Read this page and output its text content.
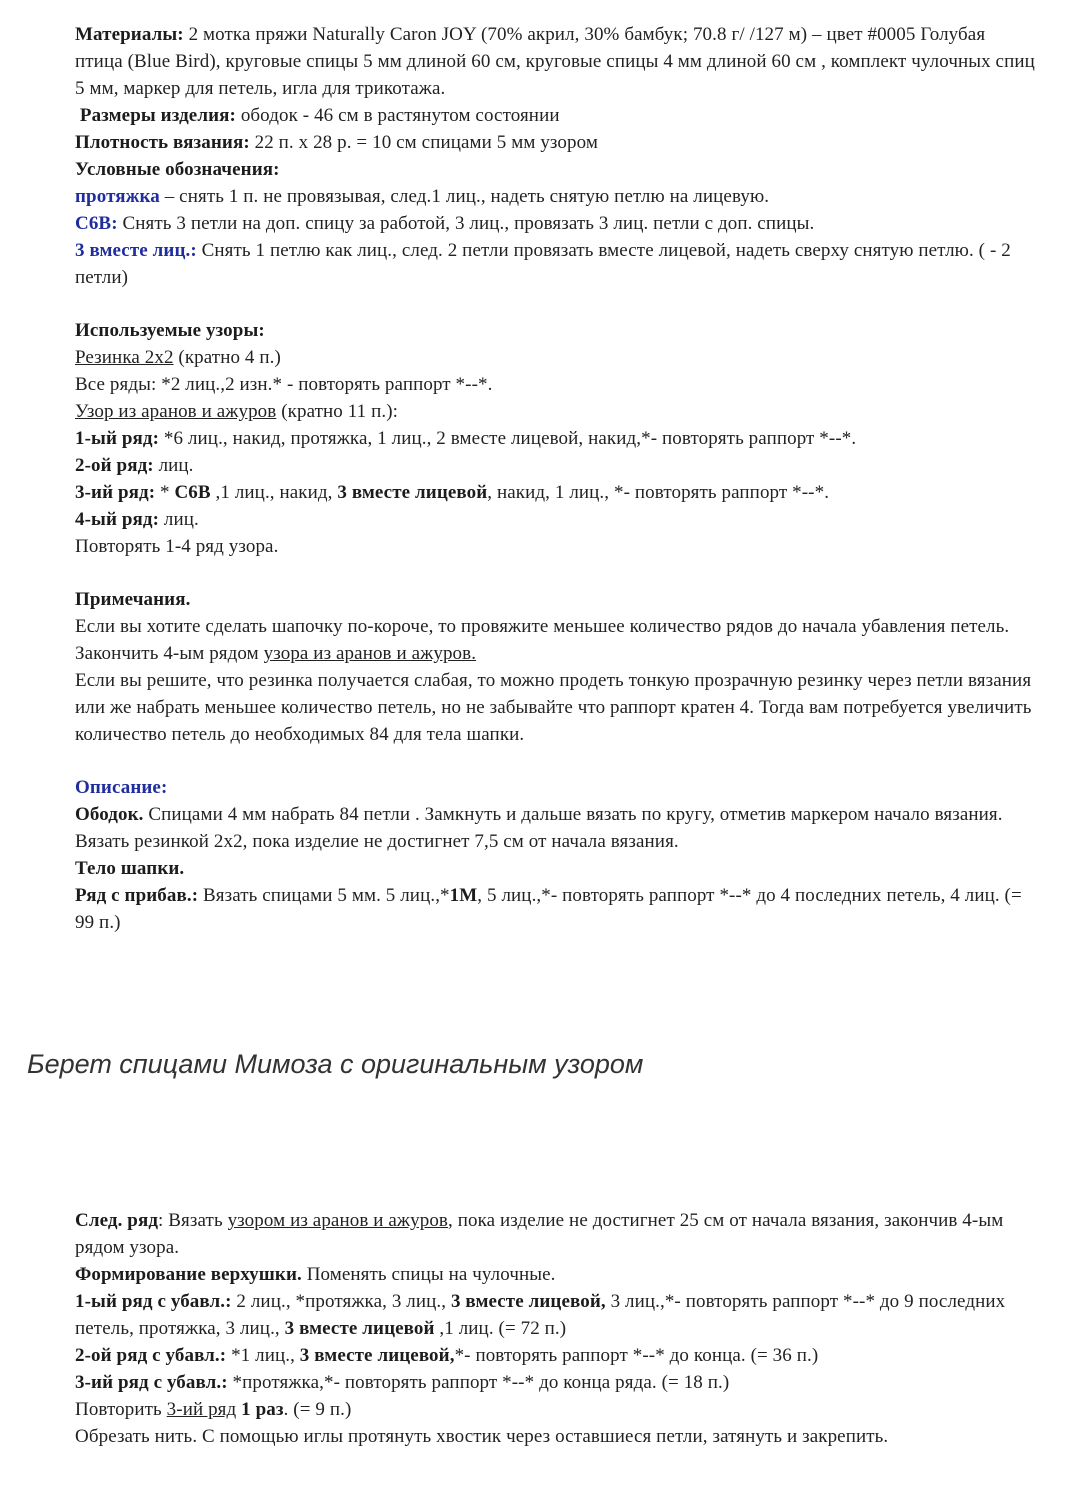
Материалы: 2 мотка пряжи Naturally Caron JOY (70% акрил, 30% бамбук; 70.8 г/ /127 м) – цвет #0005 Голубая птица (Blue Bird), круговые спицы 5 мм длиной 60 см, круговые спицы 4 мм длиной 60 см , комплект чулочных спиц 5 мм, маркер для петель, игла для трикотажа.

Размеры изделия: ободок - 46 см в растянутом состоянии

Плотность вязания: 22 п. х 28 р. = 10 см спицами 5 мм узором

Условные обозначения:

протяжка – снять 1 п. не провязывая, след.1 лиц., надеть снятую петлю на лицевую.

С6В: Снять 3 петли на доп. спицу за работой, 3 лиц., провязать 3 лиц. петли с доп. спицы.

3 вместе лиц.: Снять 1 петлю как лиц., след. 2 петли провязать вместе лицевой, надеть сверху снятую петлю. ( - 2 петли)

Используемые узоры:

Резинка 2х2 (кратно 4 п.)

Все ряды: *2 лиц.,2 изн.* - повторять раппорт *--*.

Узор из аранов и ажуров (кратно 11 п.):

1-ый ряд: *6 лиц., накид, протяжка, 1 лиц., 2 вместе лицевой, накид,*- повторять раппорт *--*.

2-ой ряд: лиц.

3-ий ряд: * С6В ,1 лиц., накид, 3 вместе лицевой, накид, 1 лиц., *- повторять раппорт *--*.

4-ый ряд: лиц.

Повторять 1-4 ряд узора.

Примечания.

Если вы хотите сделать шапочку по-короче, то провяжите меньшее количество рядов до начала убавления петель. Закончить 4-ым рядом узора из аранов и ажуров.

Если вы решите, что резинка получается слабая, то можно продеть тонкую прозрачную резинку через петли вязания или же набрать меньшее количество петель, но не забывайте что раппорт кратен 4. Тогда вам потребуется увеличить количество петель до необходимых 84 для тела шапки.

Описание:

Ободок. Спицами 4 мм набрать 84 петли . Замкнуть и дальше вязать по кругу, отметив маркером начало вязания.

Вязать резинкой 2х2, пока изделие не достигнет 7,5 см от начала вязания.

Тело шапки.

Ряд с прибав.: Вязать спицами 5 мм. 5 лиц.,*1М, 5 лиц.,*- повторять раппорт *--* до 4 последних петель, 4 лиц. (= 99 п.)

Берет спицами Мимоза с оригинальным узором

След. ряд: Вязать узором из аранов и ажуров, пока изделие не достигнет 25 см от начала вязания, закончив 4-ым рядом узора.

Формирование верхушки. Поменять спицы на чулочные.

1-ый ряд с убавл.: 2 лиц., *протяжка, 3 лиц., 3 вместе лицевой, 3 лиц.,*- повторять раппорт *--* до 9 последних петель, протяжка, 3 лиц., 3 вместе лицевой ,1 лиц. (= 72 п.)

2-ой ряд с убавл.: *1 лиц., 3 вместе лицевой,*- повторять раппорт *--* до конца. (= 36 п.)

3-ий ряд с убавл.: *протяжка,*- повторять раппорт *--* до конца ряда. (= 18 п.)

Повторить 3-ий ряд 1 раз. (= 9 п.)

Обрезать нить. С помощью иглы протянуть хвостик через оставшиеся петли, затянуть и закрепить.
